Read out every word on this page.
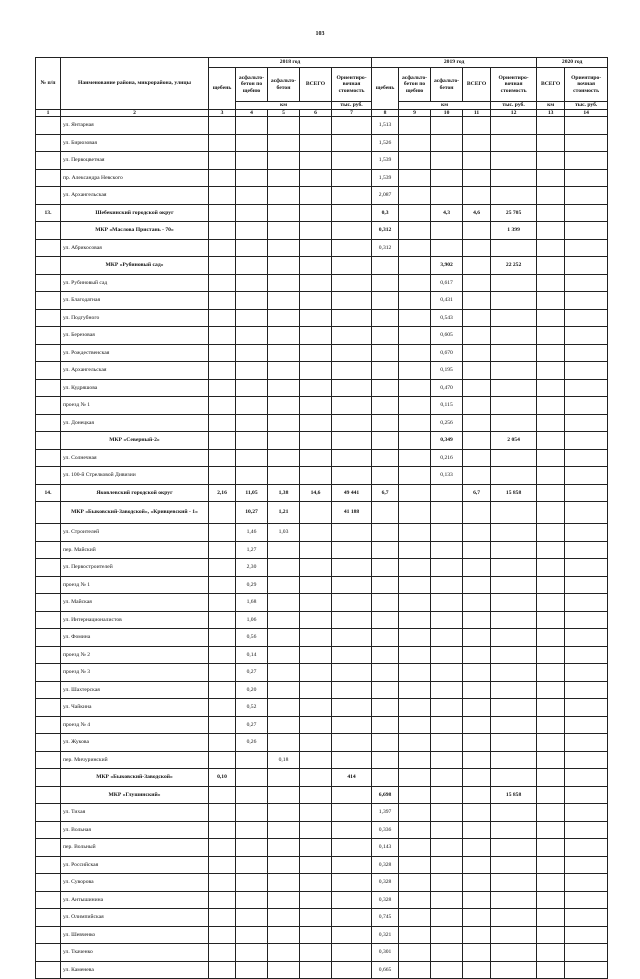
103
№ п/п	Наименование района, микрорайона, улицы	2018 год					2019 год					2020 год	
		щебень	асфальто-бетон по щебню	асфальто-бетон	ВСЕГО	Ориентиро-вочная стоимость	щебень	асфальто-бетон по щебню	асфальто-бетон	ВСЕГО	Ориентиро-вочная стоимость	ВСЕГО	Ориентиро-вочная стоимость
			км			тыс. руб.		км			тыс. руб.	км	тыс. руб.
1	2	3	4	5	6	7	8	9	10	11	12	13	14
	ул. Янтарная						1,513						
	ул. Бирюзовая						1,526						
	ул. Первоцветная						1,539						
	пр. Александра Невского						1,539						
	ул. Архангельская						2,087						
13.	Шебекинский городской округ						0,3		4,3	4,6	25 705		
	МКР «Маслова Пристань - 70»						0,312				1 399		
	ул. Абрикосовая						0,312						
	МКР «Рубиновый сад»								3,902		22 252		
	ул. Рубиновый сад								0,617				
	ул. Благодатная								0,431				
	ул. Подгубного								0,543				
	ул. Березовая								0,605				
	ул. Рождественская								0,670				
	ул. Архангельская								0,195				
	ул. Кудряшова								0,470				
	проезд № 1								0,115				
	ул. Донецкая								0,256				
	МКР «Северный-2»								0,349		2 054		
	ул. Солнечная								0,216				
	ул. 100-й Стрелковой Дивизии								0,133				
14.	Яковлевский городской округ	2,16	11,05	1,38	14,6	49 441	6,7			6,7	15 858		
	МКР «Быковский-Заводской», «Кривцевский - 1»		10,27	1,21		41 188							
	ул. Строителей		1,46	1,03									
	пер. Майский		1,27										
	ул. Первостроителей		2,30										
	проезд № 1		0,29										
	ул. Майская		1,68										
	ул. Интернационалистов		1,06										
	ул. Фомина		0,56										
	проезд № 2		0,14										
	проезд № 3		0,27										
	ул. Шахтерская		0,20										
	ул. Чайкина		0,52										
	проезд № 4		0,27										
	ул. Жукова		0,26										
	пер. Мичуринский			0,18									
	МКР «Быковский-Заводской»	0,10				414							
	МКР «Глушинский»						6,698				15 858		
	ул. Тихая						1,397						
	ул. Вольная						0,336						
	пер. Вольный						0,143						
	ул. Российская						0,328						
	ул. Суворова						0,328						
	ул. Антышинина						0,328						
	ул. Олимпийская						0,745						
	ул. Шевченко						0,321						
	ул. Ткаченко						0,301						
	ул. Каменева						0,665						
